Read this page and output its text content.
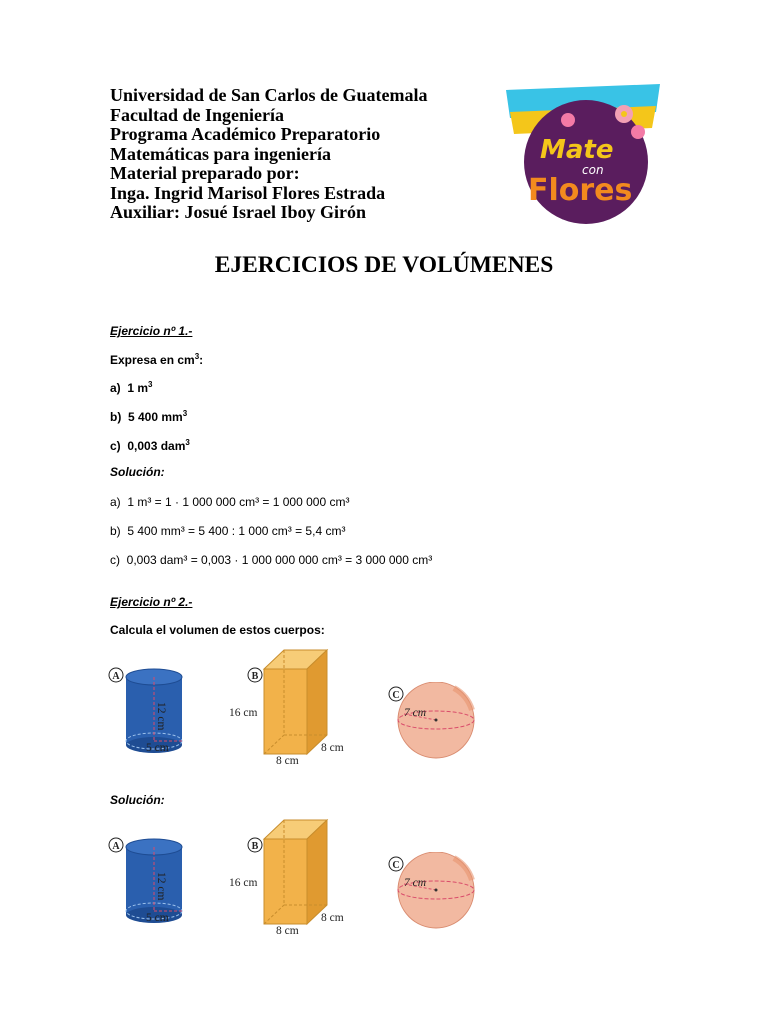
Universidad de San Carlos de Guatemala
Facultad de Ingeniería
Programa Académico Preparatorio
Matemáticas para ingeniería
Material preparado por:
Inga. Ingrid Marisol Flores Estrada
Auxiliar: Josué Israel Iboy Girón
Mate
con
Flores
EJERCICIOS DE VOLÚMENES
Ejercicio nº 1.-
Expresa en $cm^3$:
a) 1 $m^3$
b) 5 400 $mm^3$
c) 0,003 dam$^3$
Solución:
a) 1 m³ = 1 · 1 000 000 cm³ = 1 000 000 cm³
b) 5 400 mm³ = 5 400 : 1 000 cm³ = 5,4 cm³
c) 0,003 dam³ = 0,003 · 1 000 000 000 cm³ = 3 000 000 cm³
Ejercicio nº 2.-
Calcula el volumen de estos cuerpos:
A
12 cm
5 cm
B
16 cm
8 cm
8 cm
C
7 cm
Solución:
A
12 cm
5 cm
B
16 cm
8 cm
8 cm
C
7 cm
